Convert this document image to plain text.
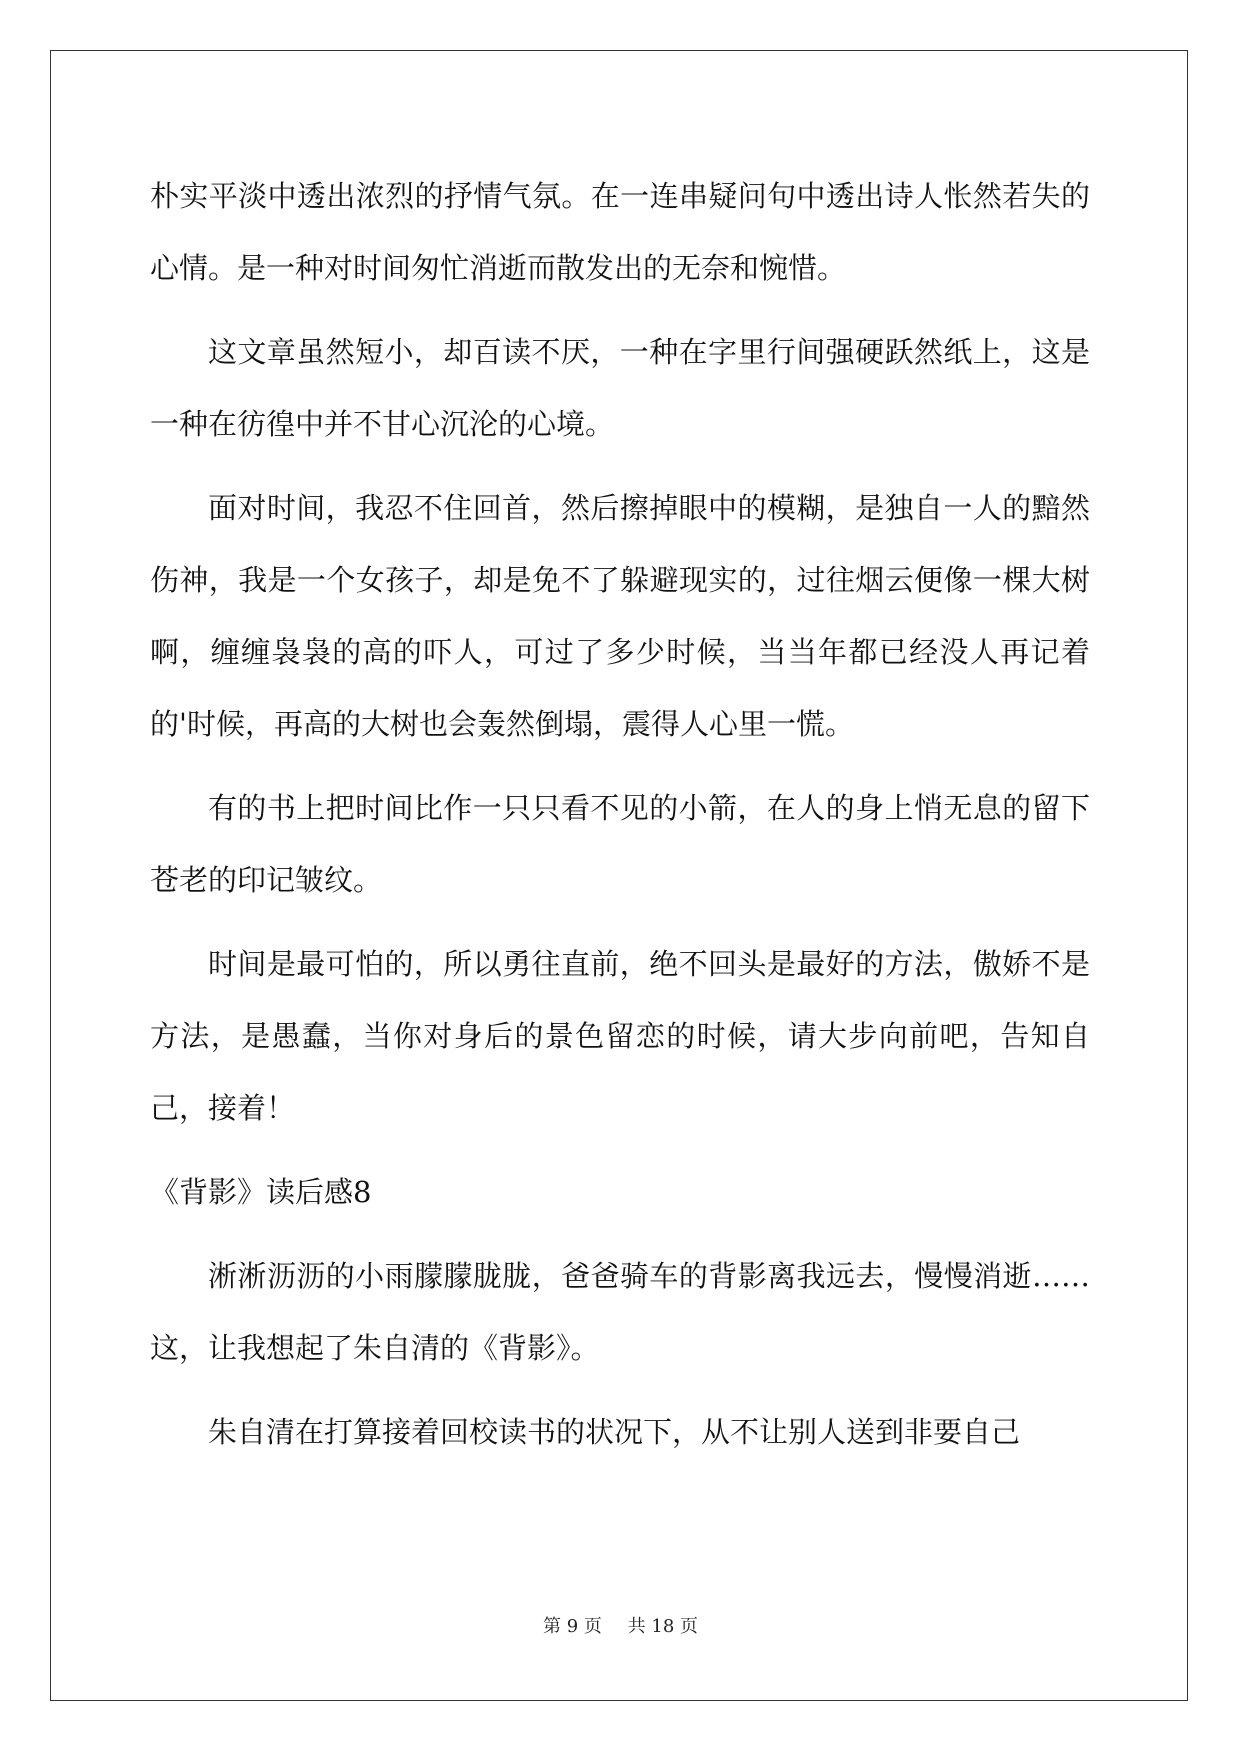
朴实平淡中透出浓烈的抒情气氛。在一连串疑问句中透出诗人怅然若失的心情。是一种对时间匆忙消逝而散发出的无奈和惋惜。

这文章虽然短小，却百读不厌，一种在字里行间强硬跃然纸上，这是一种在彷徨中并不甘心沉沦的心境。

面对时间，我忍不住回首，然后擦掉眼中的模糊，是独自一人的黯然伤神，我是一个女孩子，却是免不了躲避现实的，过往烟云便像一棵大树啊，缠缠袅袅的高的吓人，可过了多少时候，当当年都已经没人再记着的'时候，再高的大树也会轰然倒塌，震得人心里一慌。

有的书上把时间比作一只只看不见的小箭，在人的身上悄无息的留下苍老的印记皱纹。

时间是最可怕的，所以勇往直前，绝不回头是最好的方法，傲娇不是方法，是愚蠢，当你对身后的景色留恋的时候，请大步向前吧，告知自己，接着！

《背影》读后感8

淅淅沥沥的小雨朦朦胧胧，爸爸骑车的背影离我远去，慢慢消逝……这，让我想起了朱自清的《背影》。

朱自清在打算接着回校读书的状况下，从不让别人送到非要自己

第 9 页 共 18 页
